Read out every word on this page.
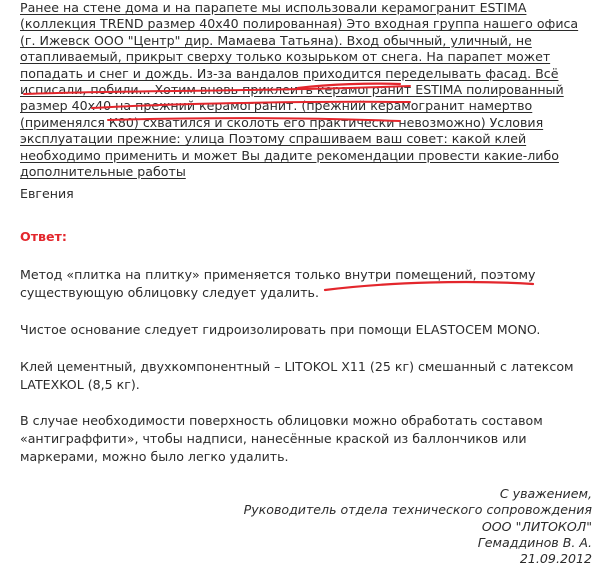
Ранее на стене дома и на парапете мы использовали керамогранит ESTIMA
(коллекция TREND размер 40х40 полированная) Это входная группа нашего офиса
(г. Ижевск ООО "Центр" дир. Мамаева Татьяна). Вход обычный, уличный, не
отапливаемый, прикрыт сверху только козырьком от снега. На парапет может
попадать и снег и дождь. Из-за вандалов приходится переделывать фасад. Всё
исписали, побили... Хотим вновь приклеить керамогранит ESTIMA полированный
размер 40х40 на прежний керамогранит. (прежний керамогранит намертво
(применялся К80) схватился и сколоть его практически невозможно) Условия
эксплуатации прежние: улица Поэтому спрашиваем ваш совет: какой клей
необходимо применить и может Вы дадите рекомендации провести какие-либо
дополнительные работы
Евгения
Ответ:
Метод «плитка на плитку» применяется только внутри помещений, поэтому
существующую облицовку следует удалить.
Чистое основание следует гидроизолировать при помощи ELASTOCEM MONO.
Клей цементный, двухкомпонентный – LITOKOL X11 (25 кг) смешанный с латексом
LATEXKOL (8,5 кг).
В случае необходимости поверхность облицовки можно обработать составом
«антиграффити», чтобы надписи, нанесённые краской из баллончиков или
маркерами, можно было легко удалить.
С уважением,
Руководитель отдела технического сопровождения
ООО "ЛИТОКОЛ"
Гемаддинов В. А.
21.09.2012
